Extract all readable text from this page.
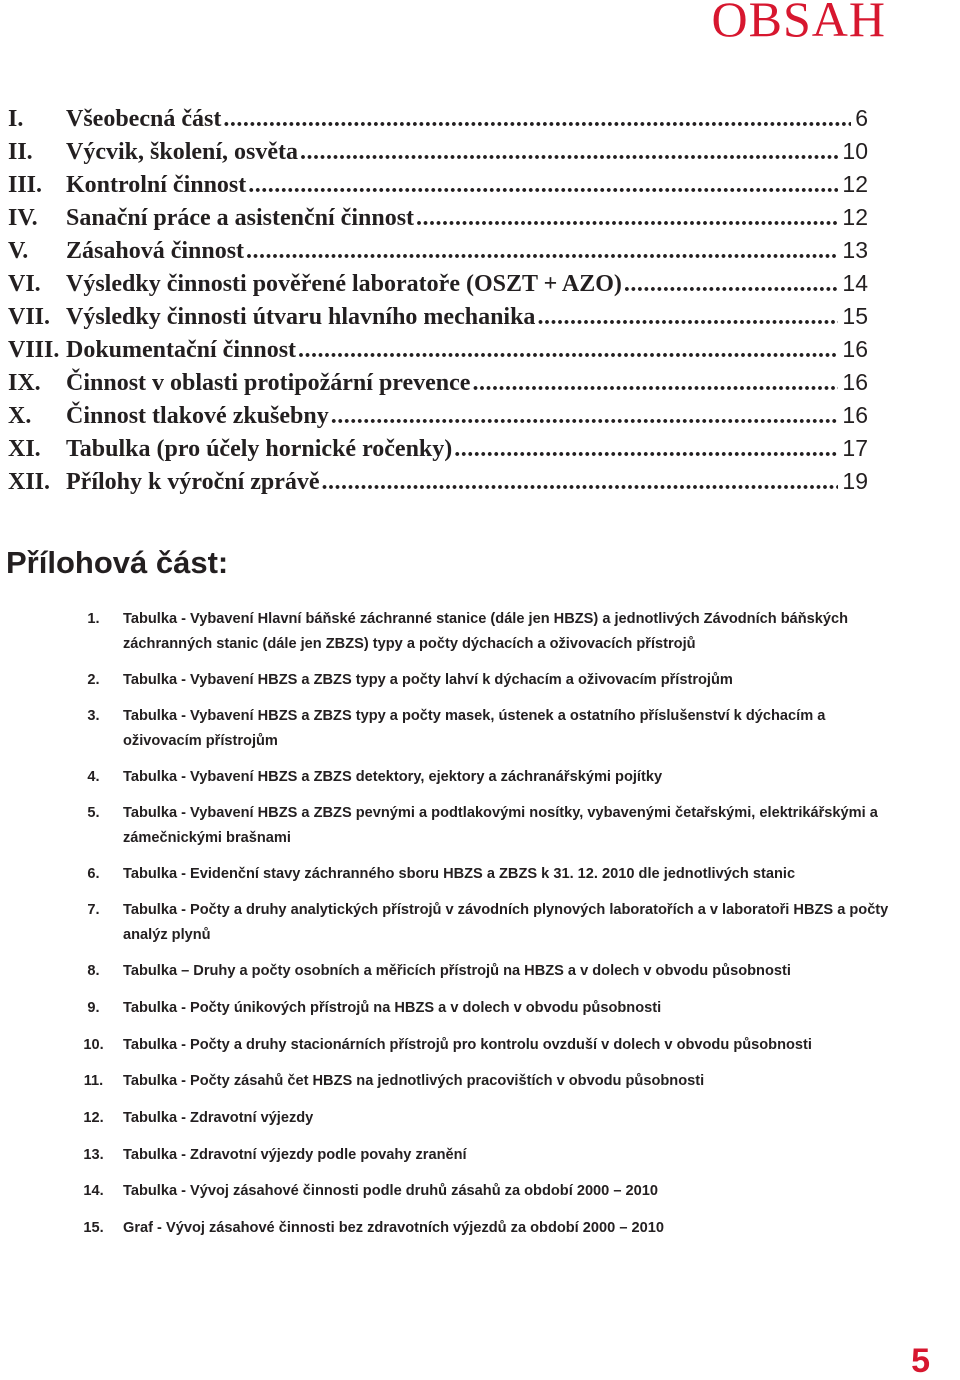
OBSAH
I.	Všeobecná část .....	6
II.	Výcvik, školení, osvěta .....	10
III. Kontrolní činnost .....	12
IV.	Sanační práce a asistenční činnost .....	12
V.	Zásahová činnost .....	13
VI.	Výsledky činnosti pověřené laboratoře (OSZT + AZO) .....	14
VII. Výsledky činnosti útvaru hlavního mechanika .....	15
VIII. Dokumentační činnost .....	16
IX.	Činnost v oblasti protipožární prevence .....	16
X.	Činnost tlakové zkušebny .....	16
XI.	Tabulka (pro účely hornické ročenky) .....	17
XII. Přílohy k výroční zprávě .....	19
Přílohová část:
1.	Tabulka - Vybavení Hlavní báňské záchranné stanice (dále jen HBZS) a jednotlivých Závodních báňských záchranných stanic (dále jen ZBZS) typy a počty dýchacích a oživovacích přístrojů
2.	Tabulka - Vybavení HBZS a ZBZS typy a počty lahví k dýchacím a oživovacím přístrojům
3.	Tabulka - Vybavení HBZS a ZBZS typy a počty masek, ústenek a ostatního příslušenství k dýchacím a oživovacím přístrojům
4.	Tabulka - Vybavení HBZS a ZBZS detektory, ejektory a záchranářskými pojítky
5.	Tabulka - Vybavení HBZS a ZBZS pevnými a podtlakovými nosítky, vybavenými četařskými, elektrikářskými a zámečnickými brašnami
6.	Tabulka - Evidenční stavy záchranného sboru HBZS a ZBZS k 31. 12. 2010 dle jednotlivých stanic
7.	Tabulka - Počty a druhy analytických přístrojů v závodních plynových laboratořích a v laboratoři HBZS a počty analýz plynů
8.	Tabulka – Druhy a počty osobních a měřicích přístrojů na HBZS a v dolech v obvodu působnosti
9.	Tabulka - Počty únikových přístrojů na HBZS a v dolech v obvodu působnosti
10.	Tabulka - Počty a druhy stacionárních přístrojů pro kontrolu ovzduší v dolech v obvodu působnosti
11.	Tabulka - Počty zásahů čet HBZS na jednotlivých pracovištích v obvodu působnosti
12.	Tabulka - Zdravotní výjezdy
13.	Tabulka - Zdravotní výjezdy podle povahy zranění
14.	Tabulka - Vývoj zásahové činnosti podle druhů zásahů za období 2000 – 2010
15.	Graf - Vývoj zásahové činnosti bez zdravotních výjezdů za období 2000 – 2010
5
